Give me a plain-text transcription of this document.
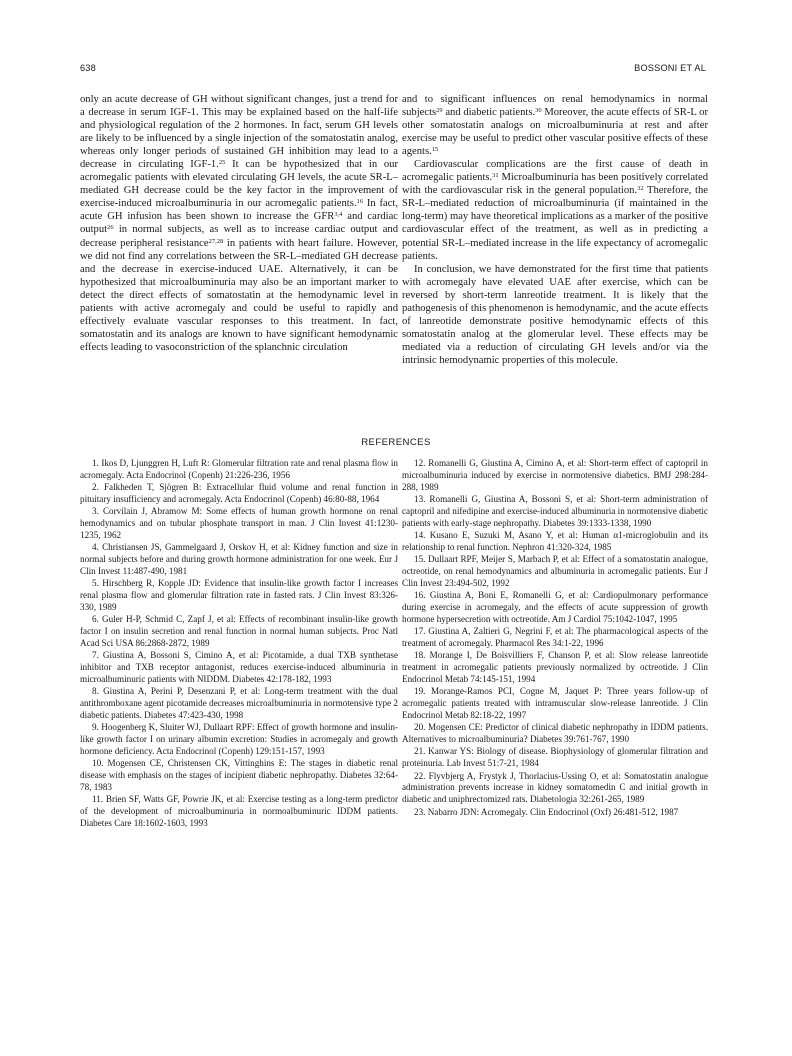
638	BOSSONI ET AL

only an acute decrease of GH without significant changes, just a trend for a decrease in serum IGF-1. This may be explained based on the half-life and physiological regulation of the 2 hormones. In fact, serum GH levels are likely to be influenced by a single injection of the somatostatin analog, whereas only longer periods of sustained GH inhibition may lead to a decrease in circulating IGF-1.25 It can be hypothesized that in our acromegalic patients with elevated circulating GH levels, the acute SR-L–mediated GH decrease could be the key factor in the improvement of exercise-induced microalbuminuria in our acromegalic patients.$^{16}$ In fact, acute GH infusion has been shown to increase the GFR$^{3,4}$ and cardiac output$^{26}$ in normal subjects, as well as to increase cardiac output and decrease peripheral resistance$^{27,28}$ in patients with heart failure. However, we did not find any correlations between the SR-L–mediated GH decrease and the decrease in exercise-induced UAE. Alternatively, it can be hypothesized that microalbuminuria may also be an important marker to detect the direct effects of somatostatin at the hemodynamic level in patients with active acromegaly and could be useful to rapidly and effectively evaluate vascular responses to this treatment. In fact, somatostatin and its analogs are known to have significant hemodynamic effects leading to vasoconstriction of the splanchnic circulation

and to significant influences on renal hemodynamics in normal subjects$^{29}$ and diabetic patients.$^{30}$ Moreover, the acute effects of SR-L or other somatostatin analogs on microalbuminuria at rest and after exercise may be useful to predict other vascular positive effects of these agents.$^{15}$

Cardiovascular complications are the first cause of death in acromegalic patients.$^{31}$ Microalbuminuria has been positively correlated with the cardiovascular risk in the general population.$^{32}$ Therefore, the SR-L–mediated reduction of microalbuminuria (if maintained in the long-term) may have theoretical implications as a marker of the positive cardiovascular effect of the treatment, as well as in predicting a potential SR-L–mediated increase in the life expectancy of acromegalic patients.

In conclusion, we have demonstrated for the first time that patients with acromegaly have elevated UAE after exercise, which can be reversed by short-term lanreotide treatment. It is likely that the pathogenesis of this phenomenon is hemodynamic, and the acute effects of lanreotide demonstrate positive hemodynamic effects of this somatostatin analog at the glomerular level. These effects may be mediated via a reduction of circulating GH levels and/or via the intrinsic hemodynamic properties of this molecule.

REFERENCES

1. Ikos D, Ljunggren H, Luft R: Glomerular filtration rate and renal plasma flow in acromegaly. Acta Endocrinol (Copenh) 21:226-236, 1956

2. Falkheden T, Sjögren B: Extracellular fluid volume and renal function in pituitary insufficiency and acromegaly. Acta Endocrinol (Copenh) 46:80-88, 1964

3. Corvilain J, Abramow M: Some effects of human growth hormone on renal hemodynamics and on tubular phosphate transport in man. J Clin Invest 41:1230-1235, 1962

4. Christiansen JS, Gammelgaard J, Orskov H, et al: Kidney function and size in normal subjects before and during growth hormone administration for one week. Eur J Clin Invest 11:487-490, 1981

5. Hirschberg R, Kopple JD: Evidence that insulin-like growth factor I increases renal plasma flow and glomerular filtration rate in fasted rats. J Clin Invest 83:326-330, 1989

6. Guler H-P, Schmid C, Zapf J, et al: Effects of recombinant insulin-like growth factor I on insulin secretion and renal function in normal human subjects. Proc Natl Acad Sci USA 86:2868-2872, 1989

7. Giustina A, Bossoni S, Cimino A, et al: Picotamide, a dual TXB synthetase inhibitor and TXB receptor antagonist, reduces exercise-induced albuminuria in microalbuminuric patients with NIDDM. Diabetes 42:178-182, 1993

8. Giustina A, Perini P, Desenzani P, et al: Long-term treatment with the dual antithromboxane agent picotamide decreases microalbuminuria in normotensive type 2 diabetic patients. Diabetes 47:423-430, 1998

9. Hoogenberg K, Sluiter WJ, Dullaart RPF: Effect of growth hormone and insulin-like growth factor I on urinary albumin excretion: Studies in acromegaly and growth hormone deficiency. Acta Endocrinol (Copenh) 129:151-157, 1993

10. Mogensen CE, Christensen CK, Vittinghins E: The stages in diabetic renal disease with emphasis on the stages of incipient diabetic nephropathy. Diabetes 32:64-78, 1983

11. Brien SF, Watts GF, Powrie JK, et al: Exercise testing as a long-term predictor of the development of microalbuminuria in normoalbuminuric IDDM patients. Diabetes Care 18:1602-1603, 1993

12. Romanelli G, Giustina A, Cimino A, et al: Short-term effect of captopril in microalbuminuria induced by exercise in normotensive diabetics. BMJ 298:284-288, 1989

13. Romanelli G, Giustina A, Bossoni S, et al: Short-term administration of captopril and nifedipine and exercise-induced albuminuria in normotensive diabetic patients with early-stage nephropathy. Diabetes 39:1333-1338, 1990

14. Kusano E, Suzuki M, Asano Y, et al: Human α1-microglobulin and its relationship to renal function. Nephron 41:320-324, 1985

15. Dullaart RPF, Meijer S, Marbach P, et al: Effect of a somatostatin analogue, octreotide, on renal hemodynamics and albuminuria in acromegalic patients. Eur J Clin Invest 23:494-502, 1992

16. Giustina A, Boni E, Romanelli G, et al: Cardiopulmonary performance during exercise in acromegaly, and the effects of acute suppression of growth hormone hypersecretion with octreotide. Am J Cardiol 75:1042-1047, 1995

17. Giustina A, Zaltieri G, Negrini F, et al: The pharmacological aspects of the treatment of acromegaly. Pharmacol Res 34:1-22, 1996

18. Morange I, De Boisvilliers F, Chanson P, et al: Slow release lanreotide treatment in acromegalic patients previously normalized by octreotide. J Clin Endocrinol Metab 74:145-151, 1994

19. Morange-Ramos PCI, Cogne M, Jaquet P: Three years follow-up of acromegalic patients treated with intramuscular slow-release lanreotide. J Clin Endocrinol Metab 82:18-22, 1997

20. Mogensen CE: Predictor of clinical diabetic nephropathy in IDDM patients. Alternatives to microalbuminuria? Diabetes 39:761-767, 1990

21. Kanwar YS: Biology of disease. Biophysiology of glomerular filtration and proteinuria. Lab Invest 51:7-21, 1984

22. Flyvbjerg A, Frystyk J, Thorlacius-Ussing O, et al: Somatostatin analogue administration prevents increase in kidney somatomedin C and initial growth in diabetic and uniphrectomized rats. Diabetologia 32:261-265, 1989

23. Nabarro JDN: Acromegaly. Clin Endocrinol (Oxf) 26:481-512, 1987
